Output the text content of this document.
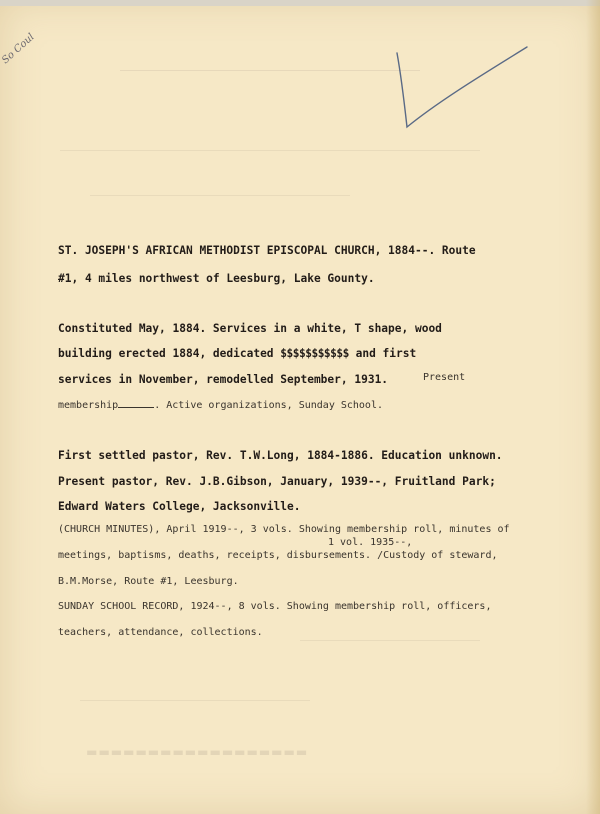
So Coul
ST. JOSEPH'S AFRICAN METHODIST EPISCOPAL CHURCH, 1884--. Route
#1, 4 miles northwest of Leesburg, Lake Gounty.
Constituted May, 1884. Services in a white, T shape, wood
building erected 1884, dedicated $$$$$$$$$$$ and first
services in November, remodelled September, 1931.	Present
membership	. Active organizations, Sunday School.
First settled pastor, Rev. T.W.Long, 1884-1886. Education unknown.
Present pastor, Rev. J.B.Gibson, January, 1939--, Fruitland Park;
Edward Waters College, Jacksonville.
(CHURCH MINUTES), April 1919--, 3 vols. Showing membership roll, minutes of
1 vol. 1935--,
meetings, baptisms, deaths, receipts, disbursements. /Custody of steward,
B.M.Morse, Route #1, Leesburg.
SUNDAY SCHOOL RECORD, 1924--, 8 vols. Showing membership roll, officers,
teachers, attendance, collections.
▬▬▬▬▬▬▬▬▬▬▬▬▬▬▬▬▬▬
